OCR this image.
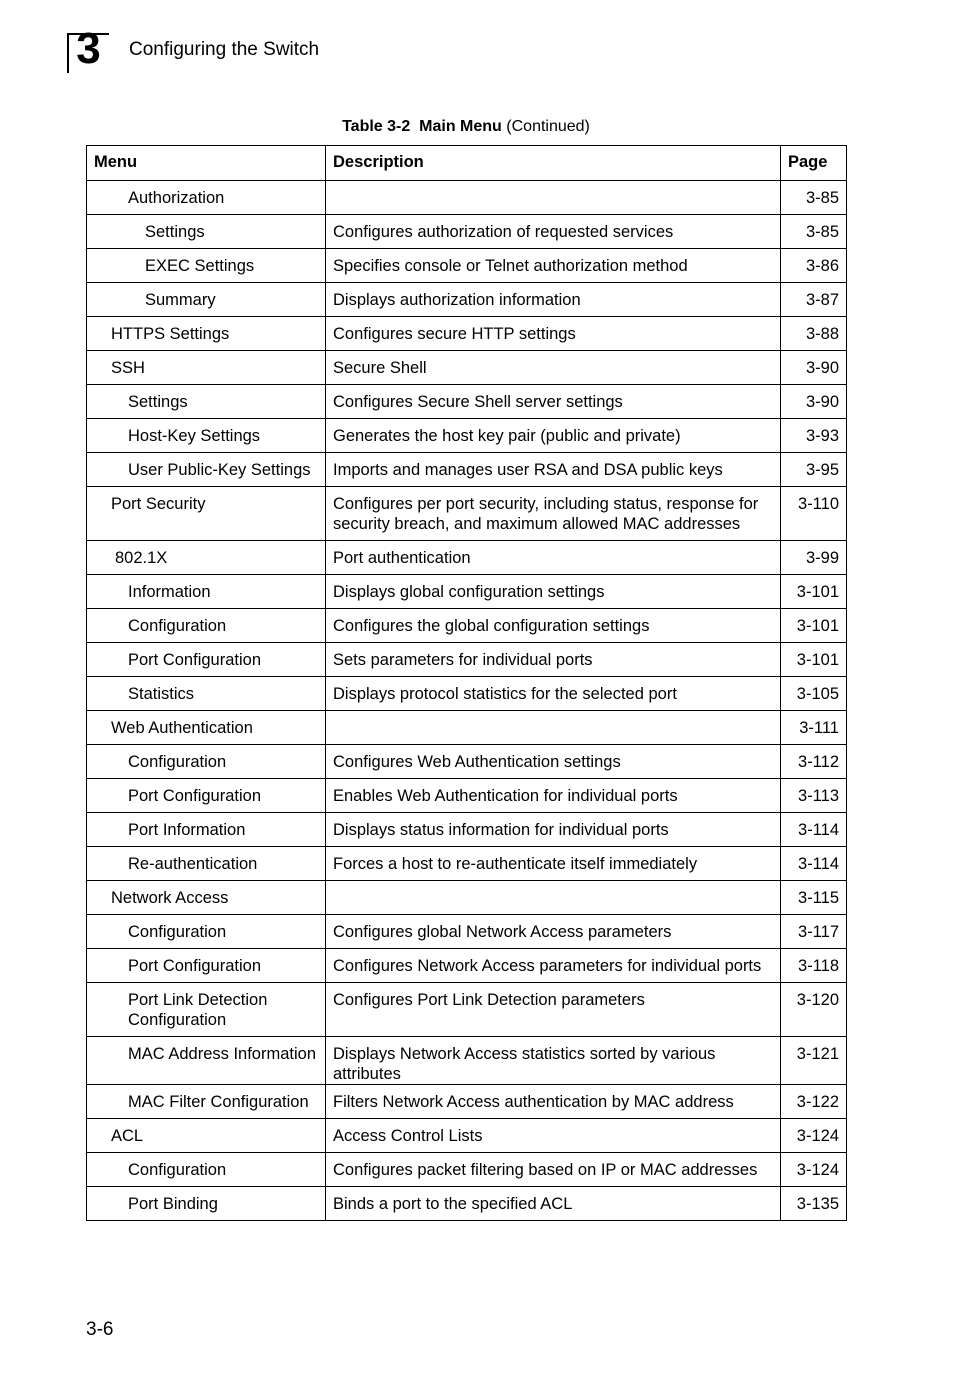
3	Configuring the Switch
Table 3-2 Main Menu (Continued)
Menu	Description	Page
Authorization		3-85
Settings	Configures authorization of requested services	3-85
EXEC Settings	Specifies console or Telnet authorization method	3-86
Summary	Displays authorization information	3-87
HTTPS Settings	Configures secure HTTP settings	3-88
SSH	Secure Shell	3-90
Settings	Configures Secure Shell server settings	3-90
Host-Key Settings	Generates the host key pair (public and private)	3-93
User Public-Key Settings	Imports and manages user RSA and DSA public keys	3-95
Port Security	Configures per port security, including status, response for security breach, and maximum allowed MAC addresses	3-110
802.1X	Port authentication	3-99
Information	Displays global configuration settings	3-101
Configuration	Configures the global configuration settings	3-101
Port Configuration	Sets parameters for individual ports	3-101
Statistics	Displays protocol statistics for the selected port	3-105
Web Authentication		3-111
Configuration	Configures Web Authentication settings	3-112
Port Configuration	Enables Web Authentication for individual ports	3-113
Port Information	Displays status information for individual ports	3-114
Re-authentication	Forces a host to re-authenticate itself immediately	3-114
Network Access		3-115
Configuration	Configures global Network Access parameters	3-117
Port Configuration	Configures Network Access parameters for individual ports	3-118
Port Link Detection Configuration	Configures Port Link Detection parameters	3-120
MAC Address Information	Displays Network Access statistics sorted by various attributes	3-121
MAC Filter Configuration	Filters Network Access authentication by MAC address	3-122
ACL	Access Control Lists	3-124
Configuration	Configures packet filtering based on IP or MAC addresses	3-124
Port Binding	Binds a port to the specified ACL	3-135
3-6
